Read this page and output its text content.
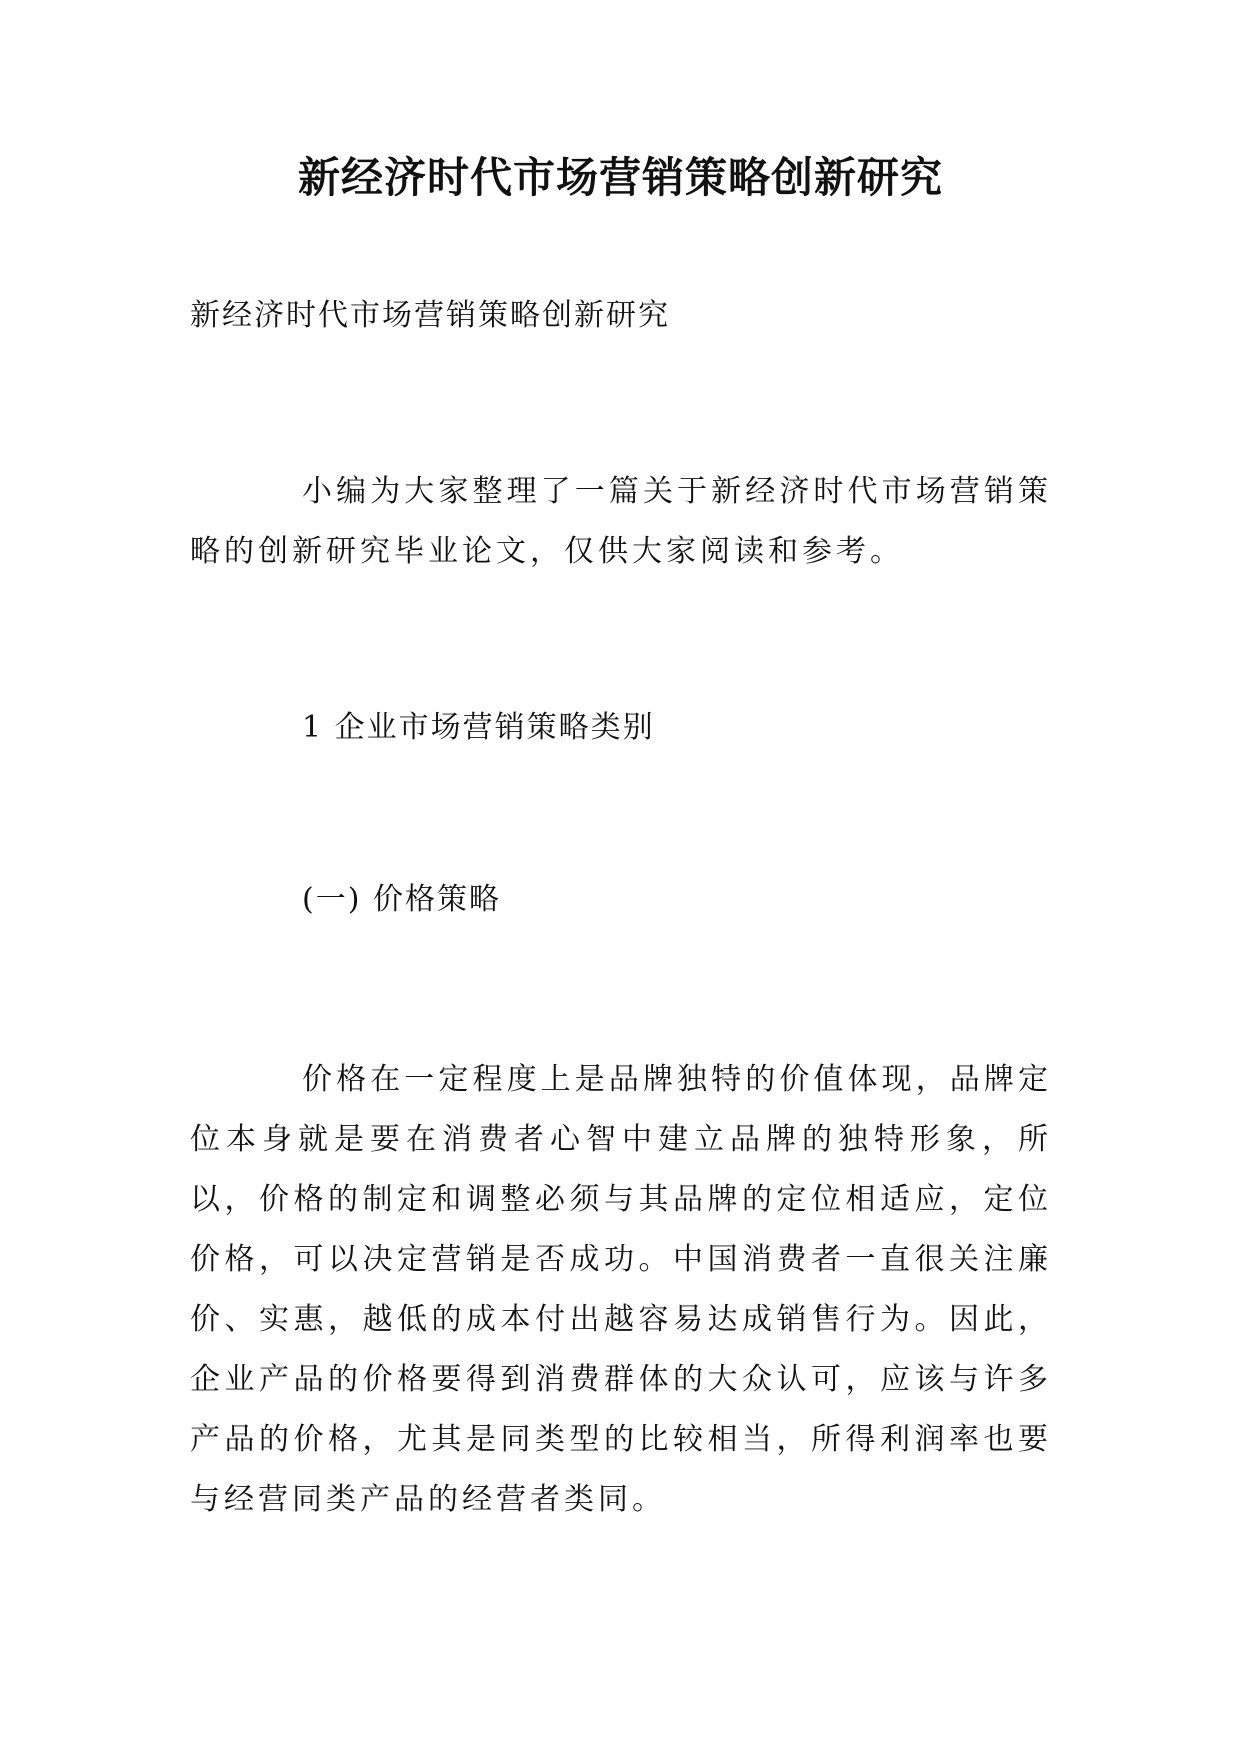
新经济时代市场营销策略创新研究
新经济时代市场营销策略创新研究
小编为大家整理了一篇关于新经济时代市场营销策略的创新研究毕业论文，仅供大家阅读和参考。
1 企业市场营销策略类别
(一) 价格策略
价格在一定程度上是品牌独特的价值体现，品牌定位本身就是要在消费者心智中建立品牌的独特形象，所以，价格的制定和调整必须与其品牌的定位相适应，定位价格，可以决定营销是否成功。中国消费者一直很关注廉价、实惠，越低的成本付出越容易达成销售行为。因此，企业产品的价格要得到消费群体的大众认可，应该与许多产品的价格，尤其是同类型的比较相当，所得利润率也要与经营同类产品的经营者类同。
